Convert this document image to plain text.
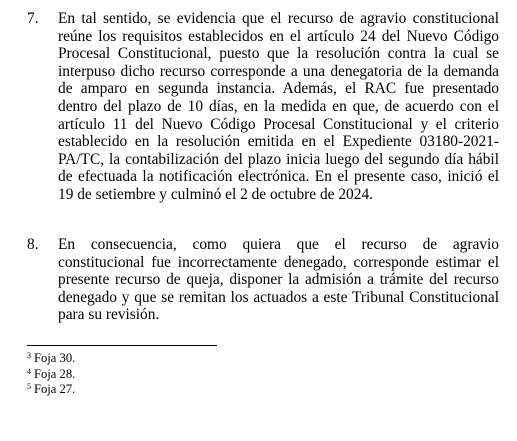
7. En tal sentido, se evidencia que el recurso de agravio constitucional
reúne los requisitos establecidos en el artículo 24 del Nuevo Código
Procesal Constitucional, puesto que la resolución contra la cual se
interpuso dicho recurso corresponde a una denegatoria de la demanda
de amparo en segunda instancia. Además, el RAC fue presentado
dentro del plazo de 10 días, en la medida en que, de acuerdo con el
artículo 11 del Nuevo Código Procesal Constitucional y el criterio
establecido en la resolución emitida en el Expediente 03180-2021-
PA/TC, la contabilización del plazo inicia luego del segundo día hábil
de efectuada la notificación electrónica. En el presente caso, inició el
19 de setiembre y culminó el 2 de octubre de 2024.
8. En consecuencia, como quiera que el recurso de agravio
constitucional fue incorrectamente denegado, corresponde estimar el
presente recurso de queja, disponer la admisión a trámite del recurso
denegado y que se remitan los actuados a este Tribunal Constitucional
para su revisión.
$^3$ Foja 30.
$^4$ Foja 28.
$^5$ Foja 27.
